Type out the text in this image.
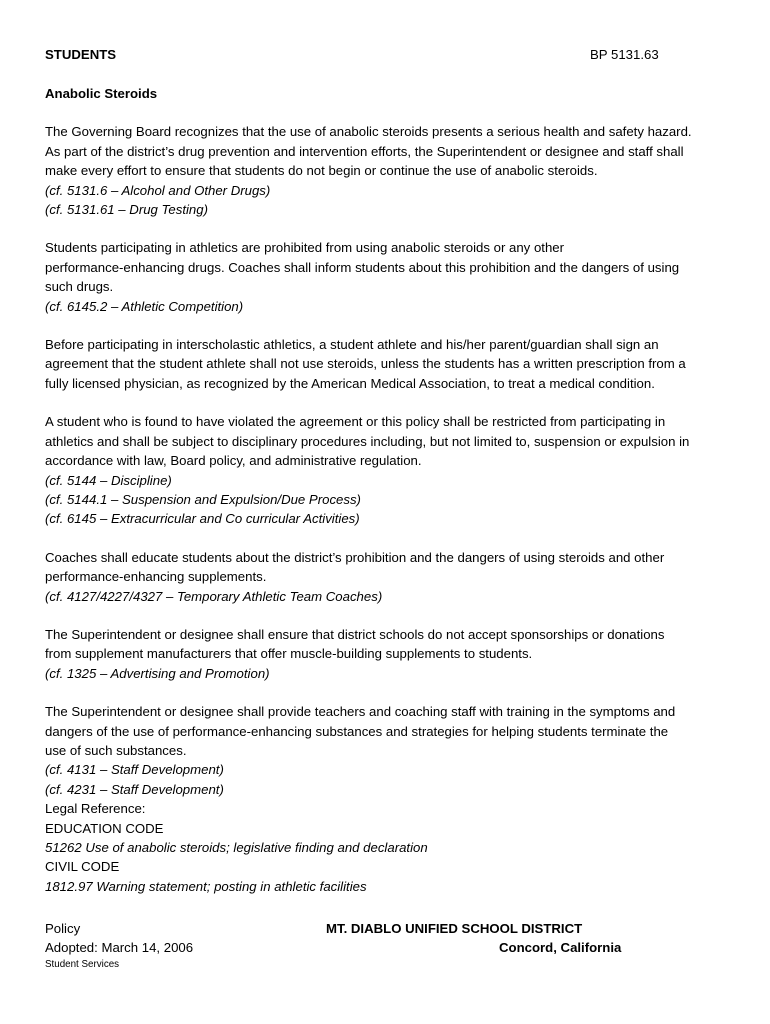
STUDENTS	BP 5131.63
Anabolic Steroids
The Governing Board recognizes that the use of anabolic steroids presents a serious health and safety hazard.
As part of the district’s drug prevention and intervention efforts, the Superintendent or designee and staff shall
make every effort to ensure that students do not begin or continue the use of anabolic steroids.
(cf. 5131.6 – Alcohol and Other Drugs)
(cf. 5131.61 – Drug Testing)
Students participating in athletics are prohibited from using anabolic steroids or any other
performance-enhancing drugs. Coaches shall inform students about this prohibition and the dangers of using
such drugs.
(cf. 6145.2 – Athletic Competition)
Before participating in interscholastic athletics, a student athlete and his/her parent/guardian shall sign an
agreement that the student athlete shall not use steroids, unless the students has a written prescription from a
fully licensed physician, as recognized by the American Medical Association, to treat a medical condition.
A student who is found to have violated the agreement or this policy shall be restricted from participating in
athletics and shall be subject to disciplinary procedures including, but not limited to, suspension or expulsion in
accordance with law, Board policy, and administrative regulation.
(cf. 5144 – Discipline)
(cf. 5144.1 – Suspension and Expulsion/Due Process)
(cf. 6145 – Extracurricular and Co curricular Activities)
Coaches shall educate students about the district’s prohibition and the dangers of using steroids and other
performance-enhancing supplements.
(cf. 4127/4227/4327 – Temporary Athletic Team Coaches)
The Superintendent or designee shall ensure that district schools do not accept sponsorships or donations
from supplement manufacturers that offer muscle-building supplements to students.
(cf. 1325 – Advertising and Promotion)
The Superintendent or designee shall provide teachers and coaching staff with training in the symptoms and
dangers of the use of performance-enhancing substances and strategies for helping students terminate the
use of such substances.
(cf. 4131 – Staff Development)
(cf. 4231 – Staff Development)
Legal Reference:
EDUCATION CODE
51262 Use of anabolic steroids; legislative finding and declaration
CIVIL CODE
1812.97 Warning statement; posting in athletic facilities
Policy	MT. DIABLO UNIFIED SCHOOL DISTRICT
Adopted: March 14, 2006	Concord, California
Student Services
